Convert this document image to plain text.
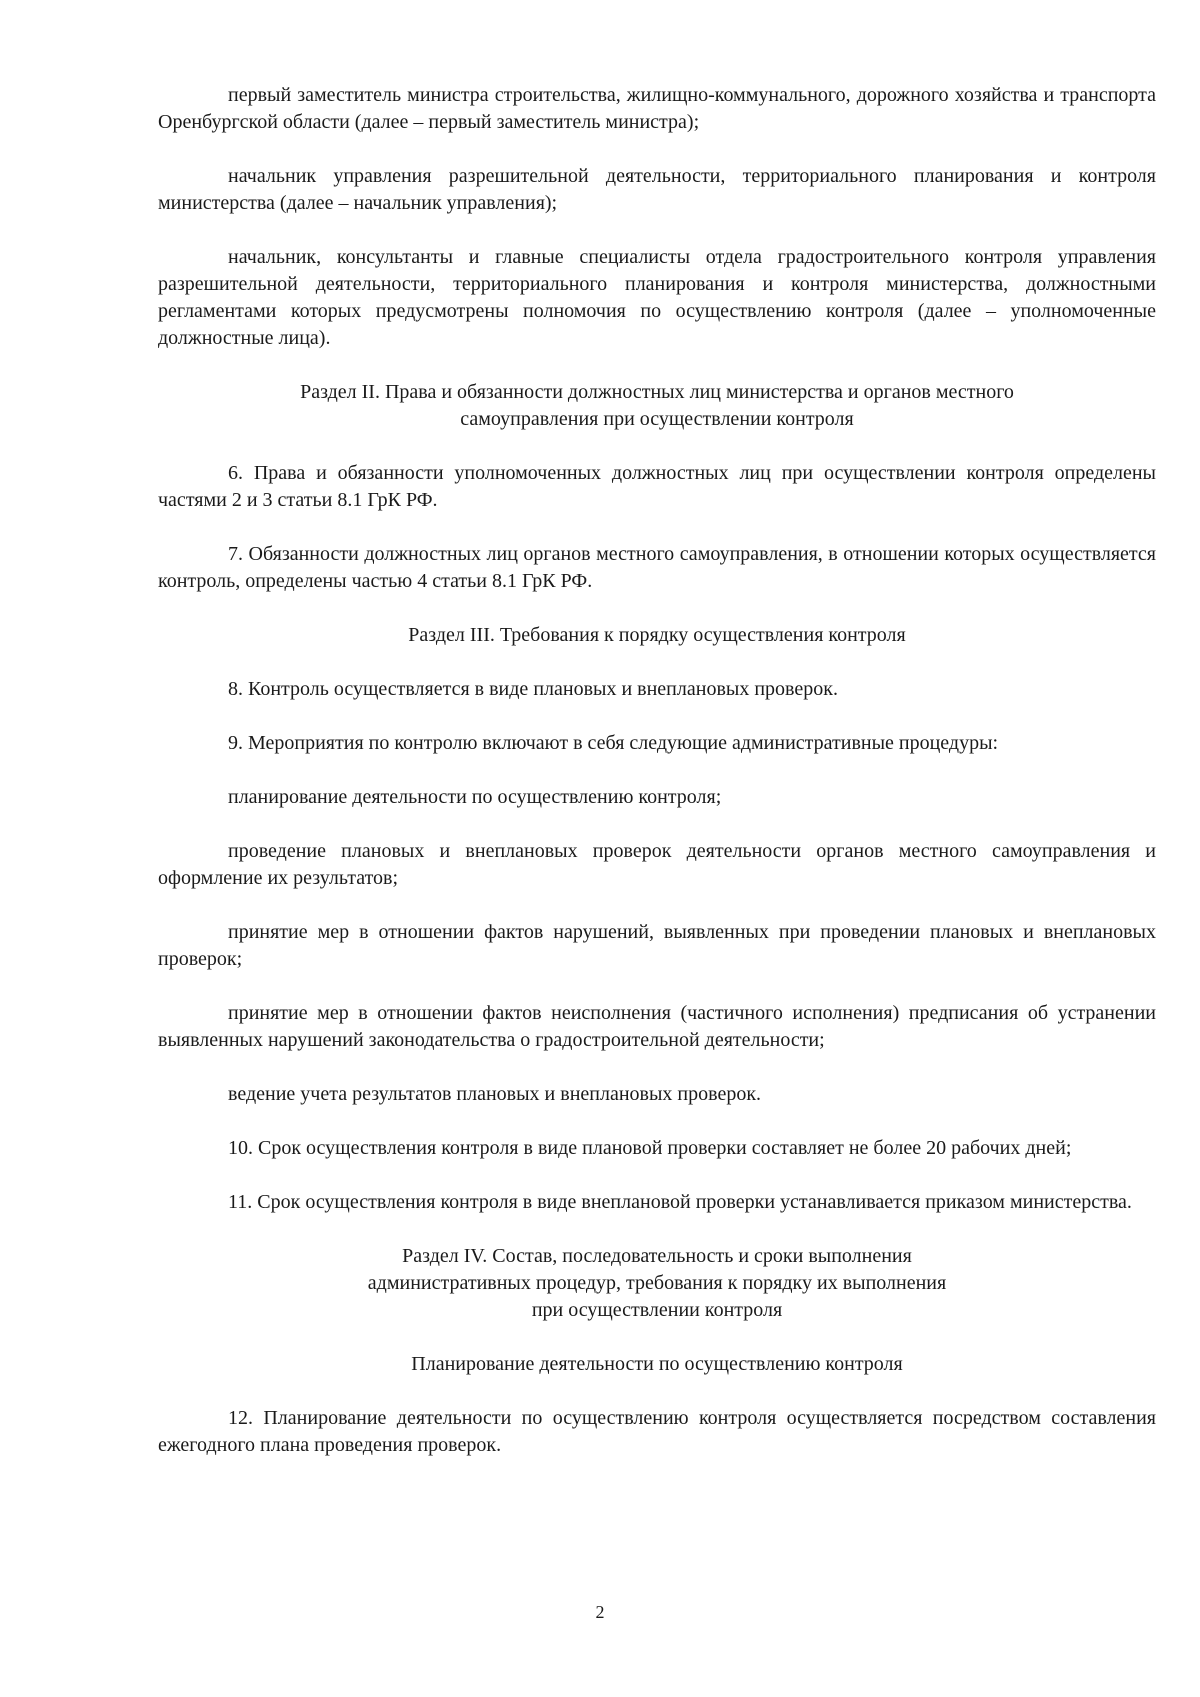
первый заместитель министра строительства, жилищно-коммунального, дорожного хозяйства и транспорта Оренбургской области (далее – первый заместитель министра);

начальник управления разрешительной деятельности, территориального планирования и контроля министерства (далее – начальник управления);

начальник, консультанты и главные специалисты отдела градостроительного контроля управления разрешительной деятельности, территориального планирования и контроля министерства, должностными регламентами которых предусмотрены полномочия по осуществлению контроля (далее – уполномоченные должностные лица).

Раздел II. Права и обязанности должностных лиц министерства и органов местного
самоуправления при осуществлении контроля

6. Права и обязанности уполномоченных должностных лиц при осуществлении контроля определены частями 2 и 3 статьи 8.1 ГрК РФ.

7. Обязанности должностных лиц органов местного самоуправления, в отношении которых осуществляется контроль, определены частью 4 статьи 8.1 ГрК РФ.

Раздел III. Требования к порядку осуществления контроля

8. Контроль осуществляется в виде плановых и внеплановых проверок.

9. Мероприятия по контролю включают в себя следующие административные процедуры:

планирование деятельности по осуществлению контроля;

проведение плановых и внеплановых проверок деятельности органов местного самоуправления и оформление их результатов;

принятие мер в отношении фактов нарушений, выявленных при проведении плановых и внеплановых проверок;

принятие мер в отношении фактов неисполнения (частичного исполнения) предписания об устранении выявленных нарушений законодательства о градостроительной деятельности;

ведение учета результатов плановых и внеплановых проверок.

10. Срок осуществления контроля в виде плановой проверки составляет не более 20 рабочих дней;

11. Срок осуществления контроля в виде внеплановой проверки устанавливается приказом министерства.

Раздел IV. Состав, последовательность и сроки выполнения
административных процедур, требования к порядку их выполнения
при осуществлении контроля
Планирование деятельности по осуществлению контроля

12. Планирование деятельности по осуществлению контроля осуществляется посредством составления ежегодного плана проведения проверок.

2
